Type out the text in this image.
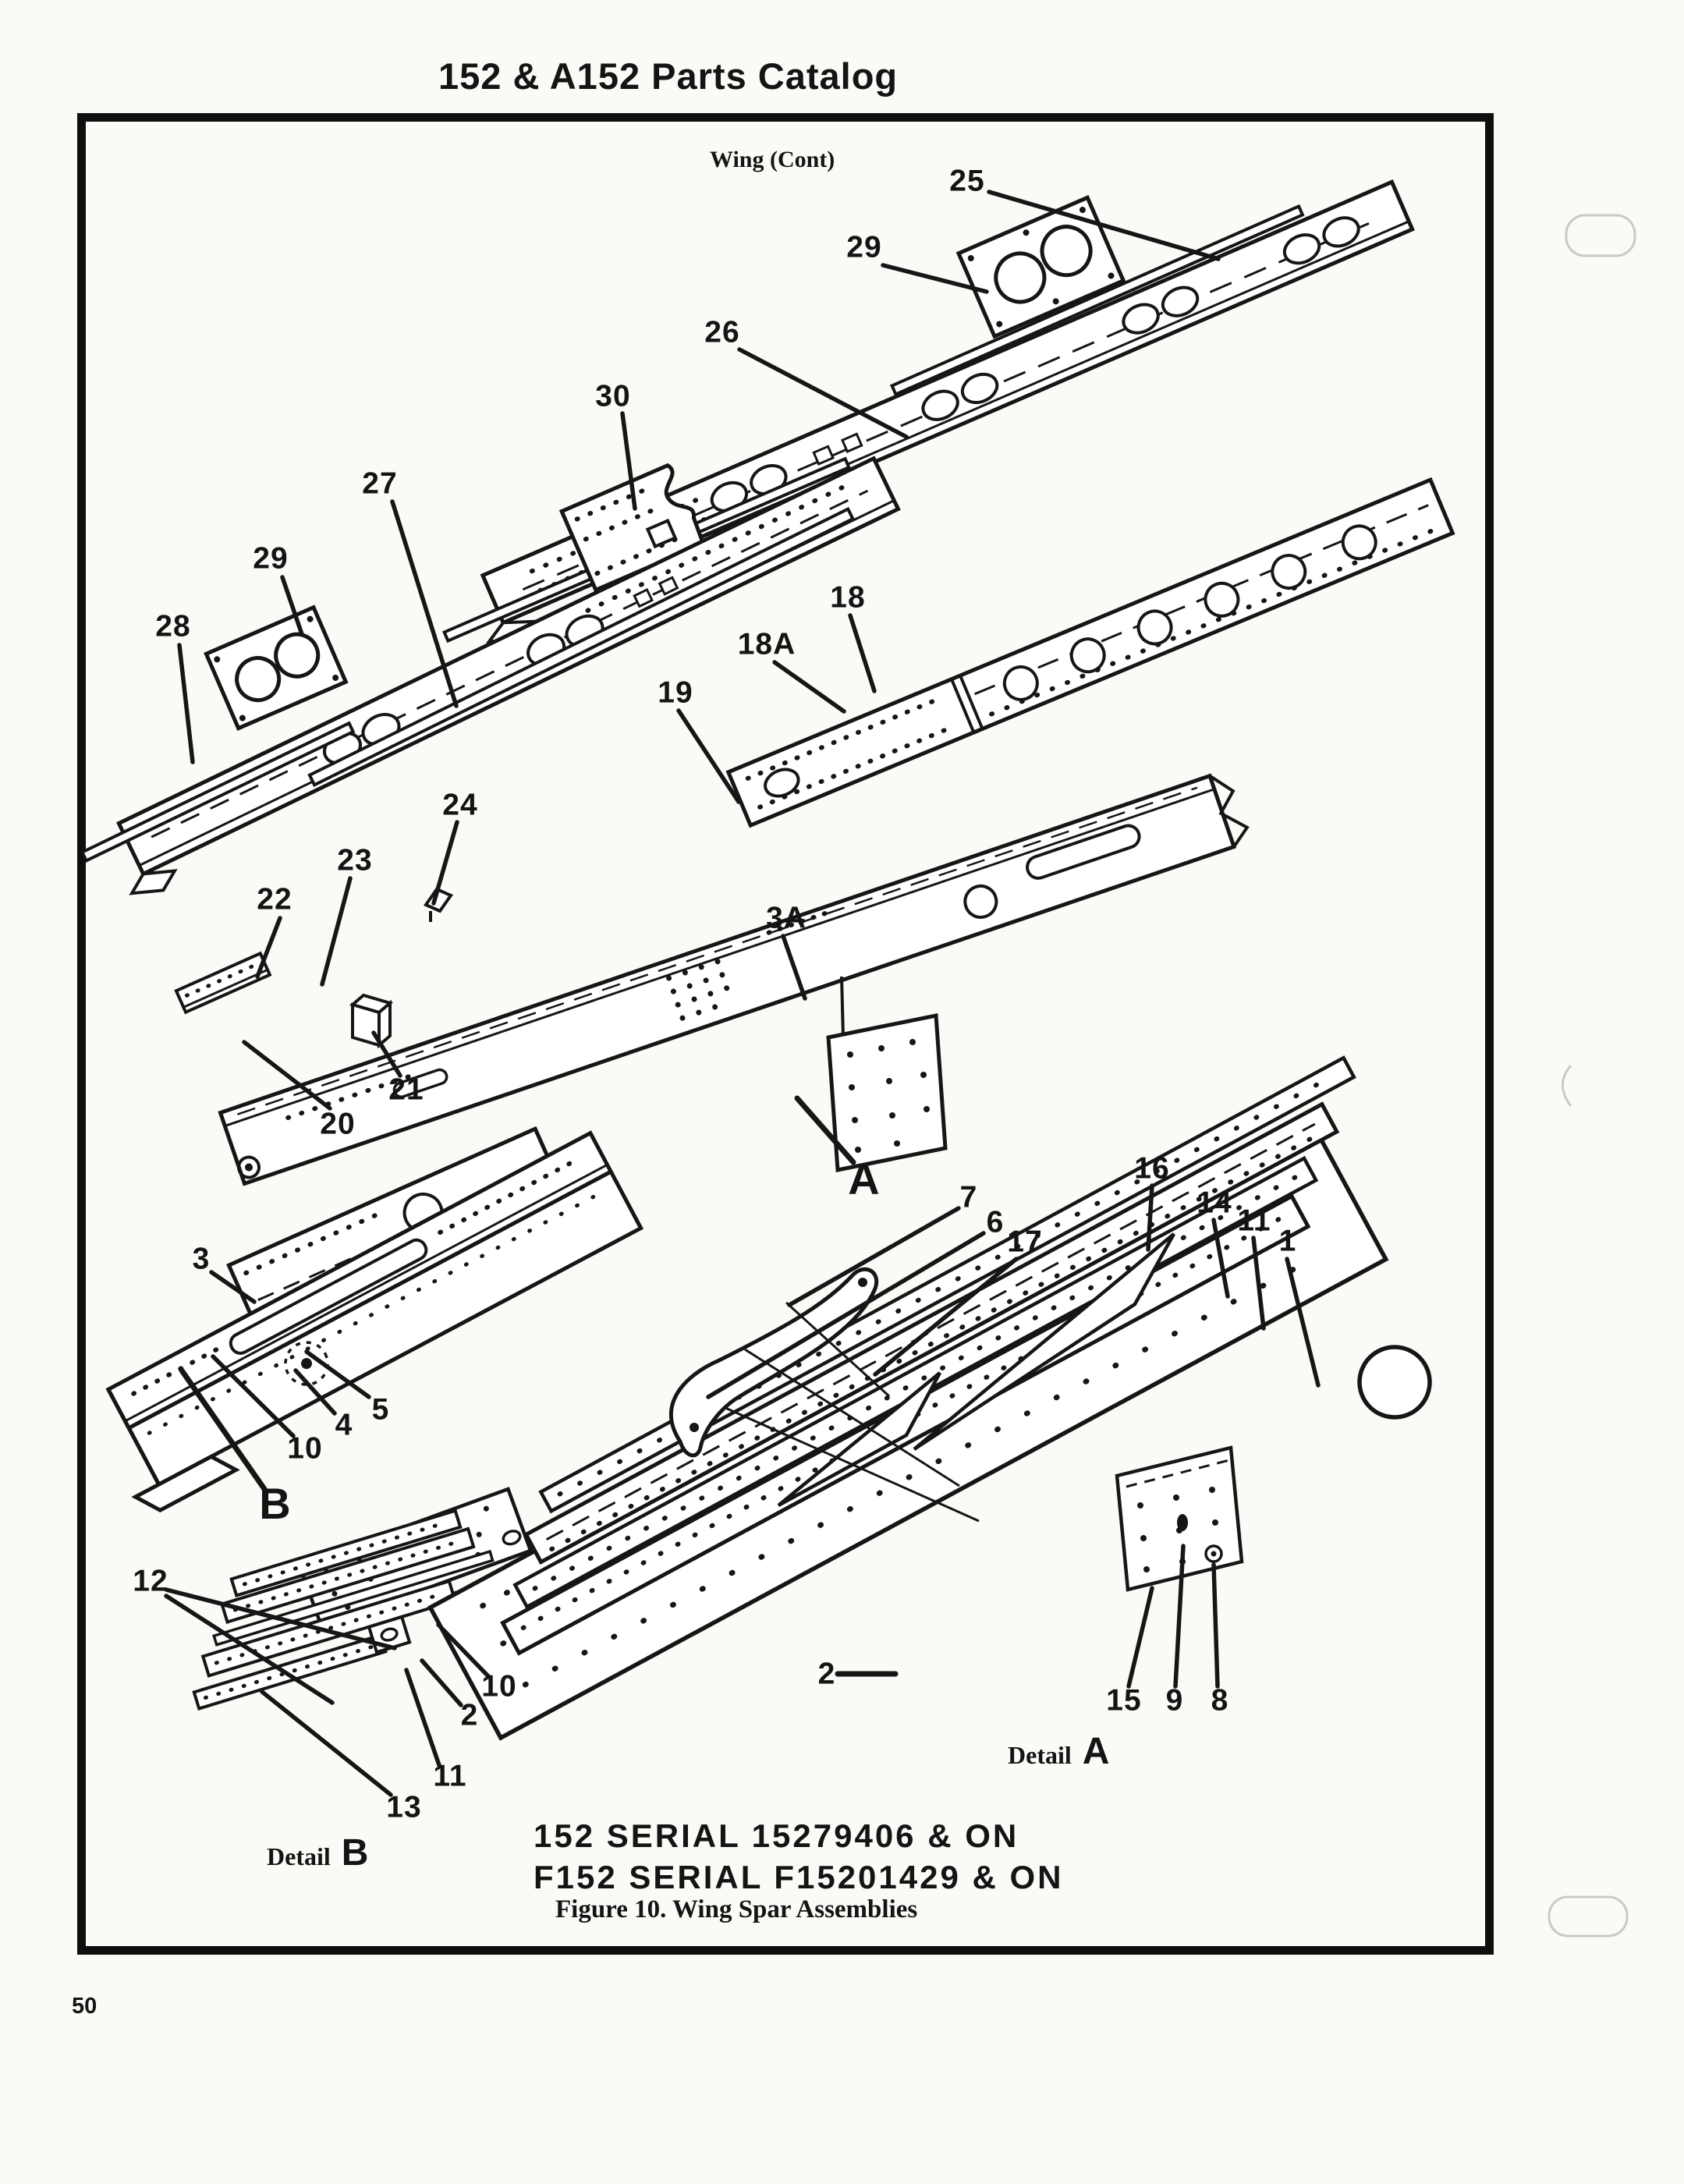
152 & A152 Parts Catalog
Wing (Cont)
25
29
26
30
27
29
28
18
18A
19
24
23
22
3A
21
20
A	7
6
17
16
14
11
1
3
5
4
10
B
12
10
2
11
13
2
15 9 8
Detail A
Detail B	152 SERIAL 15279406 & ON
F152 SERIAL F15201429 & ON
Figure 10. Wing Spar Assemblies
50
